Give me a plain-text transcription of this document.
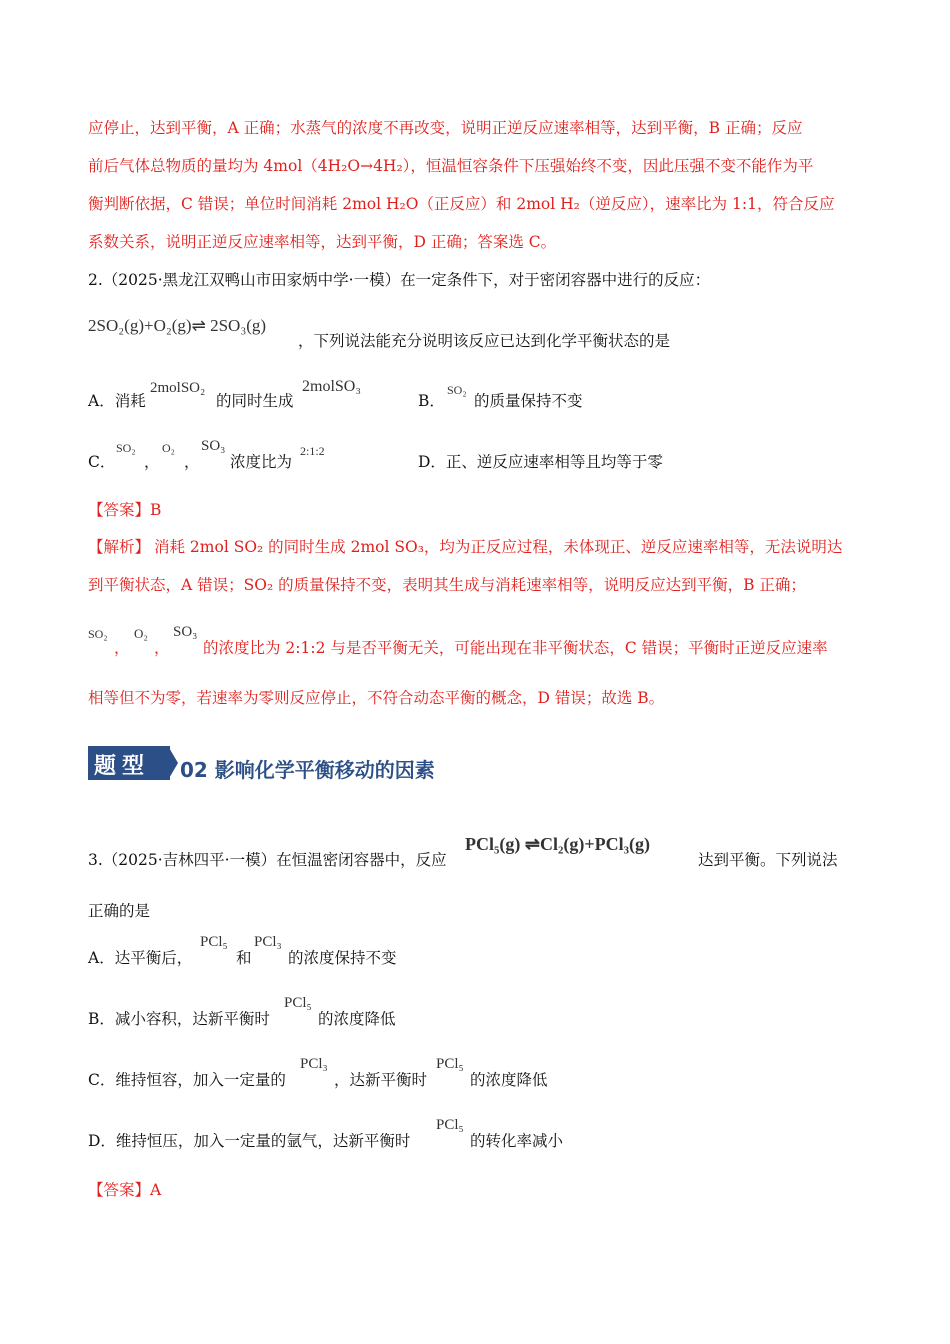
应停止，达到平衡，A 正确；水蒸气的浓度不再改变，说明正逆反应速率相等，达到平衡，B 正确；反应
前后气体总物质的量均为 4mol（4H₂O→4H₂），恒温恒容条件下压强始终不变，因此压强不变不能作为平
衡判断依据，C 错误；单位时间消耗 2mol H₂O（正反应）和 2mol H₂（逆反应），速率比为 1:1，符合反应
系数关系，说明正逆反应速率相等，达到平衡，D 正确；答案选 C。
2.（2025·黑龙江双鸭山市田家炳中学·一模）在一定条件下，对于密闭容器中进行的反应：
2SO₂(g)+O₂(g)⇌ 2SO₃(g)
，下列说法能充分说明该反应已达到化学平衡状态的是
A．消耗
2molSO₂
的同时生成
2molSO₃
B．
SO₂
的质量保持不变
C．
SO₂
，
O₂
，
SO₃
浓度比为
2:1:2
D．正、逆反应速率相等且均等于零
【答案】B
【解析】 消耗 2mol SO₂ 的同时生成 2mol SO₃，均为正反应过程，未体现正、逆反应速率相等，无法说明达
到平衡状态，A 错误；SO₂ 的质量保持不变，表明其生成与消耗速率相等，说明反应达到平衡，B 正确；
SO₂
，
O₂
，
SO₃
的浓度比为 2:1:2 与是否平衡无关，可能出现在非平衡状态，C 错误；平衡时正逆反应速率
相等但不为零，若速率为零则反应停止，不符合动态平衡的概念，D 错误；故选 B。
题型 02 影响化学平衡移动的因素
3.（2025·吉林四平·一模）在恒温密闭容器中，反应
PCl₅(g) ⇌Cl₂(g)+PCl₃(g)
达到平衡。下列说法
正确的是
A．达平衡后，
PCl₅
和
PCl₃
的浓度保持不变
B．减小容积，达新平衡时
PCl₅
的浓度降低
C．维持恒容，加入一定量的
PCl₃
，达新平衡时
PCl₅
的浓度降低
D．维持恒压，加入一定量的氩气，达新平衡时
PCl₅
的转化率减小
【答案】A
